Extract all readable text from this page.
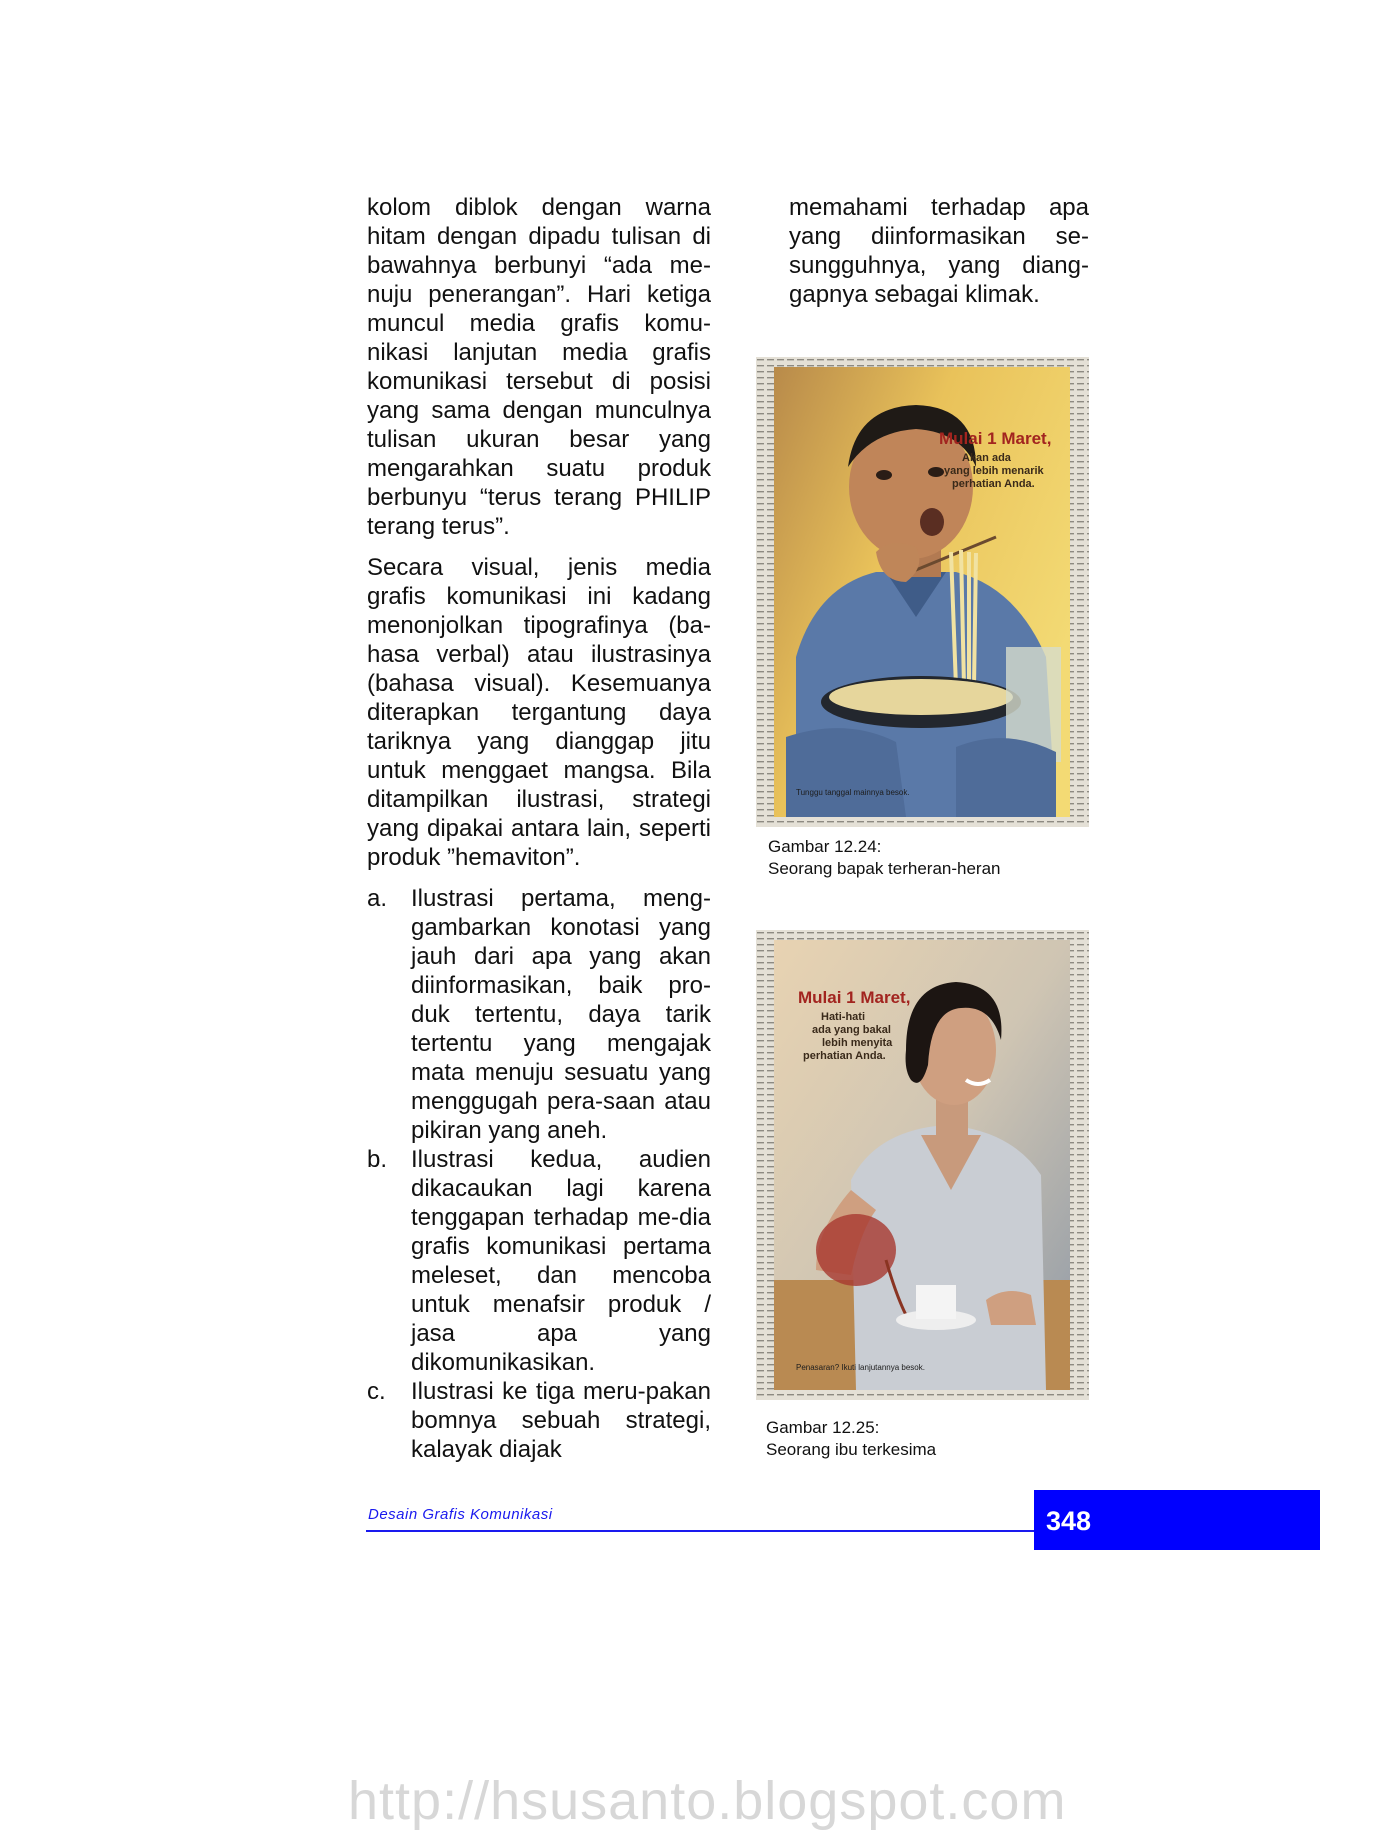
kolom diblok dengan warna hitam dengan dipadu tulisan di bawahnya berbunyi “ada me-nuju penerangan”. Hari ketiga muncul media grafis komu-nikasi lanjutan media grafis komunikasi tersebut di posisi yang sama dengan munculnya tulisan ukuran besar yang mengarahkan suatu produk berbunyu “terus terang PHILIP terang terus”.

Secara visual, jenis media grafis komunikasi ini kadang menonjolkan tipografinya (ba-hasa verbal) atau ilustrasinya (bahasa visual). Kesemuanya diterapkan tergantung daya tariknya yang dianggap jitu untuk menggaet mangsa. Bila ditampilkan ilustrasi, strategi yang dipakai antara lain, seperti produk ”hemaviton”.

a. Ilustrasi pertama, meng-gambarkan konotasi yang jauh dari apa yang akan diinformasikan, baik pro-duk tertentu, daya tarik tertentu yang mengajak mata menuju sesuatu yang menggugah pera-saan atau pikiran yang aneh.
b. Ilustrasi kedua, audien dikacaukan lagi karena tenggapan terhadap me-dia grafis komunikasi pertama meleset, dan mencoba untuk menafsir produk / jasa apa yang dikomunikasikan.
c. Ilustrasi ke tiga meru-pakan bomnya sebuah strategi, kalayak diajak

memahami terhadap apa yang diinformasikan se-sungguhnya, yang diang-gapnya sebagai klimak.

Mulai 1 Maret,
Akan ada
yang lebih menarik
perhatian Anda.
Tunggu tanggal mainnya besok.
Gambar 12.24:
Seorang bapak terheran-heran
Mulai 1 Maret,
Hati-hati
ada yang bakal
lebih menyita
perhatian Anda.
Penasaran? Ikuti lanjutannya besok.
Gambar 12.25:
Seorang ibu terkesima
Desain Grafis Komunikasi	348
http://hsusanto.blogspot.com
